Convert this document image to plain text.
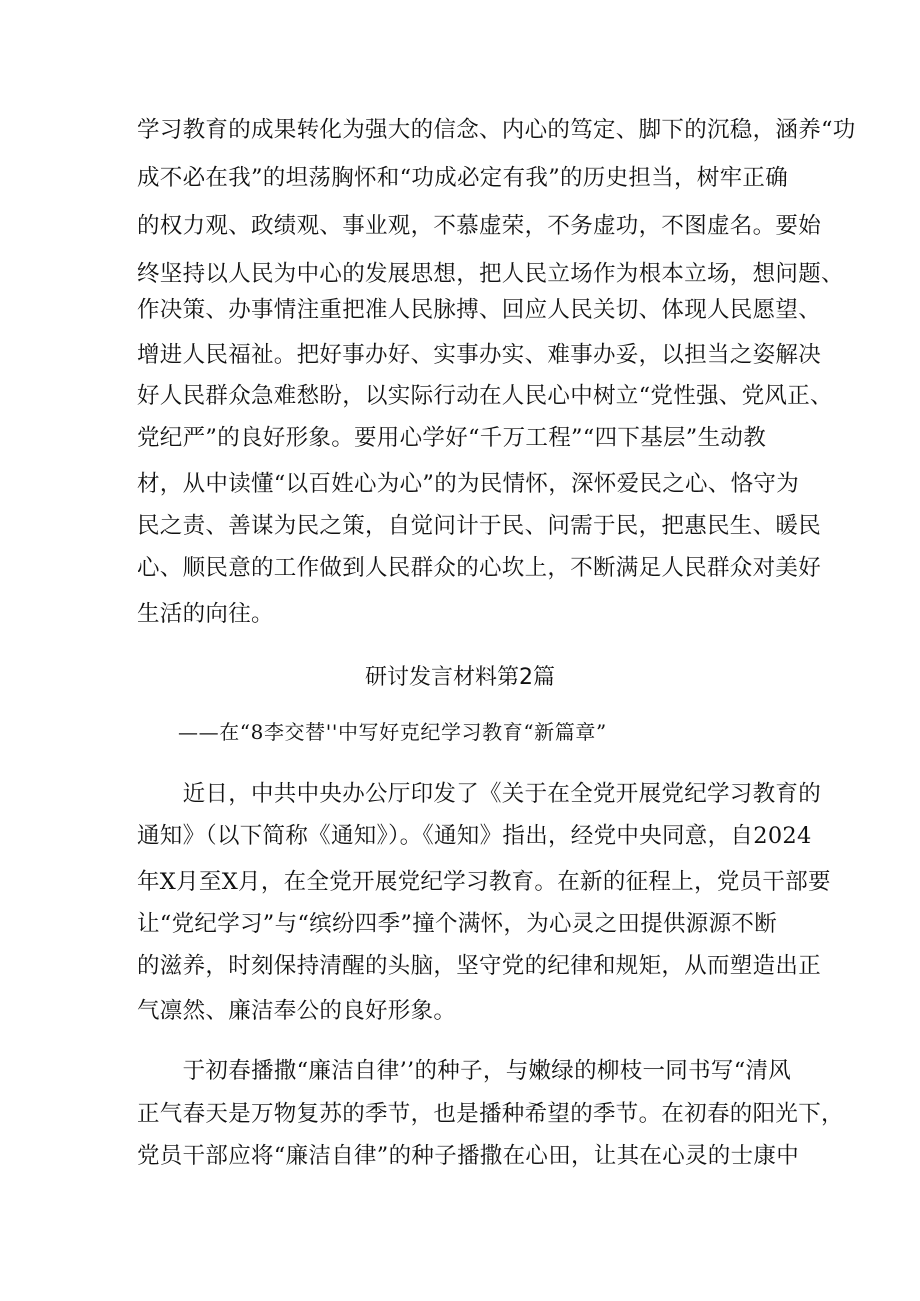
学习教育的成果转化为强大的信念、内心的笃定、脚下的沉稳，涵养“功
成不必在我”的坦荡胸怀和“功成必定有我”的历史担当，树牢正确
的权力观、政绩观、事业观，不慕虚荣，不务虚功，不图虚名。要始
终坚持以人民为中心的发展思想，把人民立场作为根本立场，想问题、
作决策、办事情注重把准人民脉搏、回应人民关切、体现人民愿望、
增进人民福祉。把好事办好、实事办实、难事办妥，以担当之姿解决
好人民群众急难愁盼，以实际行动在人民心中树立“党性强、党风正、
党纪严”的良好形象。要用心学好“千万工程”“四下基层”生动教
材，从中读懂“以百姓心为心”的为民情怀，深怀爱民之心、恪守为
民之责、善谋为民之策，自觉问计于民、问需于民，把惠民生、暖民
心、顺民意的工作做到人民群众的心坎上，不断满足人民群众对美好
生活的向往。
研讨发言材料第2篇
——在“8李交替''中写好克纪学习教育“新篇章”
　　近日，中共中央办公厅印发了《关于在全党开展党纪学习教育的
通知》（以下简称《通知》）。《通知》指出，经党中央同意，自2024
年X月至X月，在全党开展党纪学习教育。在新的征程上，党员干部要
让“党纪学习”与“缤纷四季”撞个满怀，为心灵之田提供源源不断
的滋养，时刻保持清醒的头脑，坚守党的纪律和规矩，从而塑造出正
气凛然、廉洁奉公的良好形象。
　　于初春播撒“廉洁自律’’的种子，与嫩绿的柳枝一同书写“清风
正气春天是万物复苏的季节，也是播种希望的季节。在初春的阳光下，
党员干部应将“廉洁自律”的种子播撒在心田，让其在心灵的士康中
